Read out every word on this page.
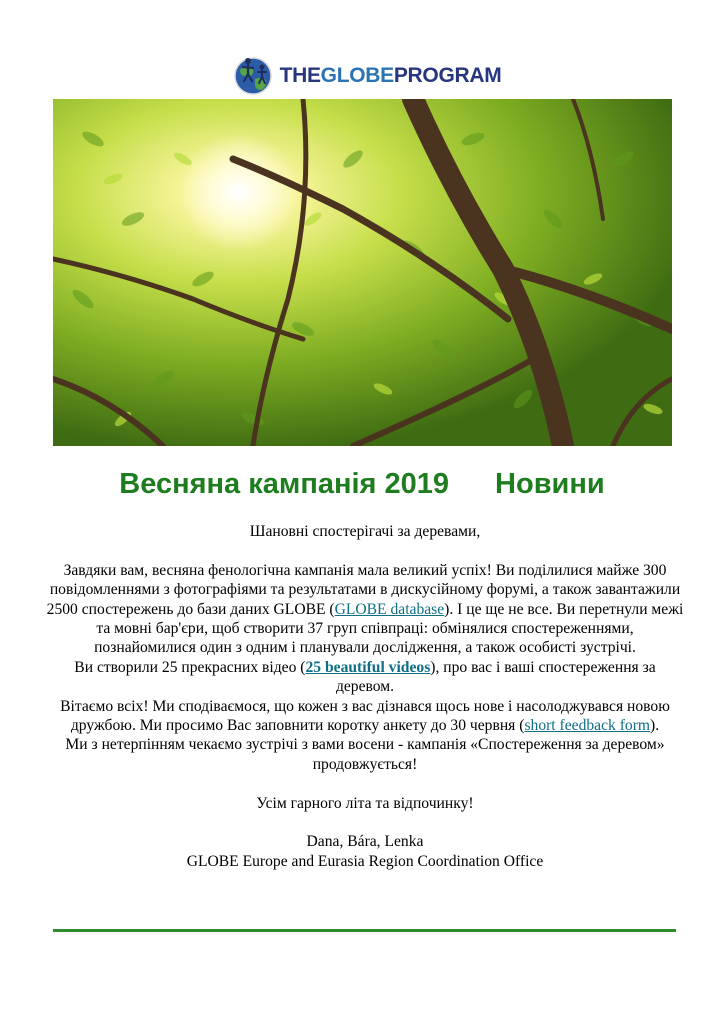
THEGLOBEPROGRAM
Весняна кампанія 2019 Новини

Шановні спостерігачі за деревами,

Завдяки вам, весняна фенологічна кампанія мала великий успіх! Ви поділилися майже 300 повідомленнями з фотографіями та результатами в дискусійному форумі, а також завантажили 2500 спостережень до бази даних GLOBE (GLOBE database). І це ще не все. Ви перетнули межі та мовні бар'єри, щоб створити 37 груп співпраці: обмінялися спостереженнями, познайомилися один з одним і планували дослідження, а також особисті зустрічі.

Ви створили 25 прекрасних відео (25 beautiful videos), про вас і ваші спостереження за деревом.

Вітаємо всіх! Ми сподіваємося, що кожен з вас дізнався щось нове і насолоджувався новою дружбою. Ми просимо Вас заповнити коротку анкету до 30 червня (short feedback form).

Ми з нетерпінням чекаємо зустрічі з вами восени - кампанія «Спостереження за деревом» продовжується!

Усім гарного літа та відпочинку!

Dana, Bára, Lenka

GLOBE Europe and Eurasia Region Coordination Office
